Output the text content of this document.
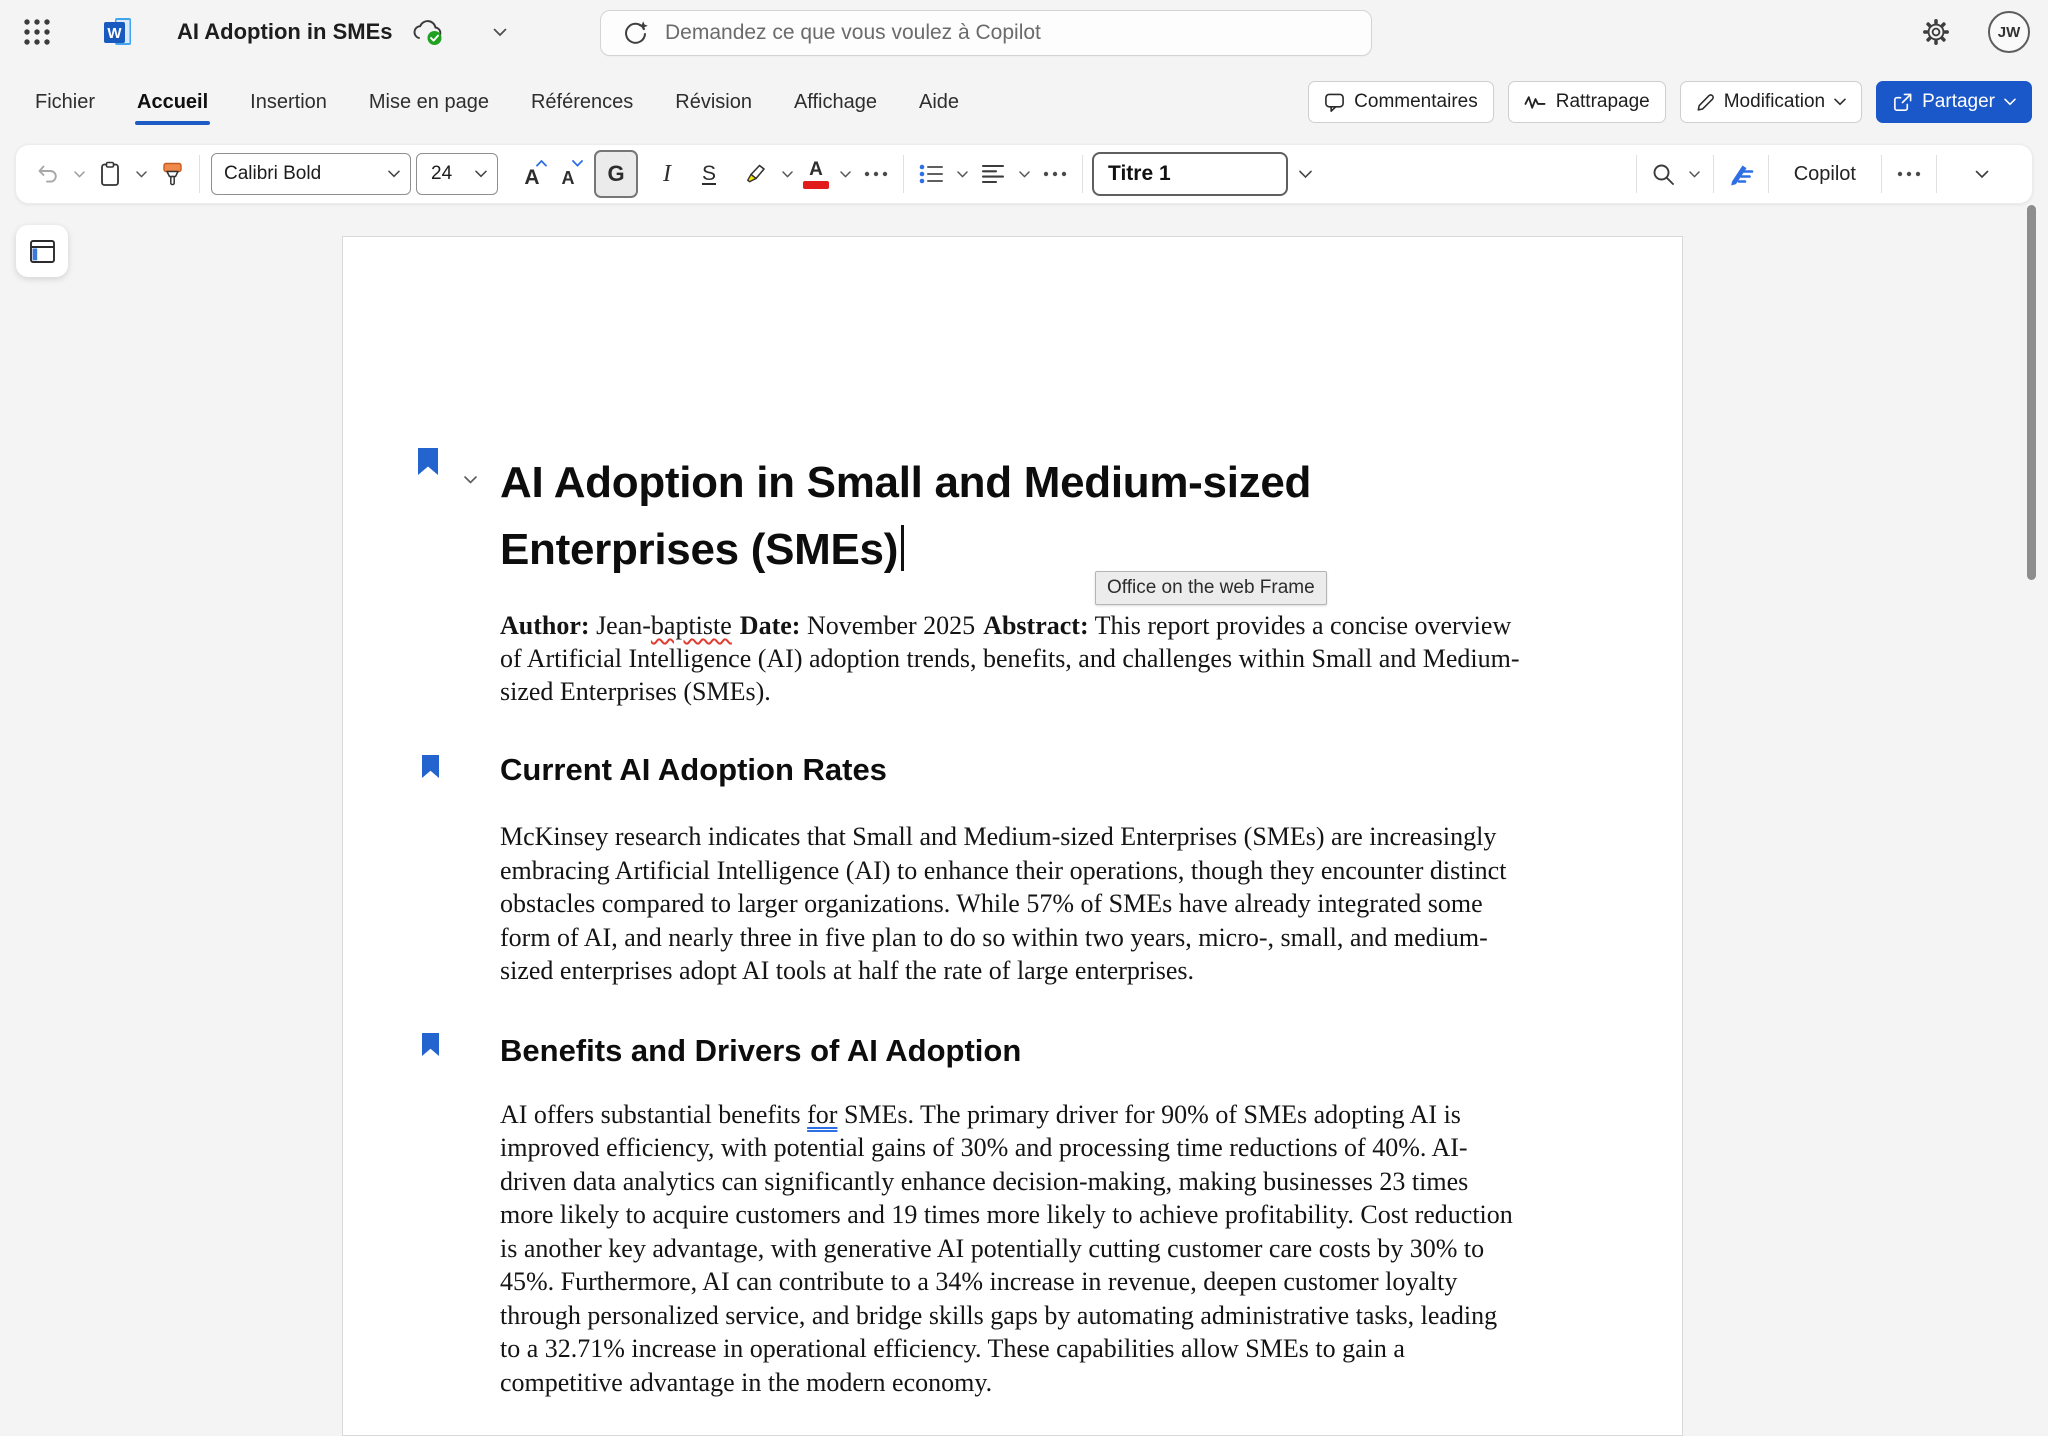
W	AI Adoption in SMEs
Demandez ce que vous voulez à Copilot	JW
Fichier	Accueil	Insertion	Mise en page	Références	Révision	Affichage	Aide	Commentaires	Rattrapage	Modification	Partager
Calibri Bold	24	A A G I S	A	Titre 1	Copilot
AI Adoption in Small and Medium-sized Enterprises (SMEs)

Author: Jean-baptiste Date: November 2025 Abstract: This report provides a concise overview of Artificial Intelligence (AI) adoption trends, benefits, and challenges within Small and Medium-sized Enterprises (SMEs).

Current AI Adoption Rates

McKinsey research indicates that Small and Medium-sized Enterprises (SMEs) are increasingly embracing Artificial Intelligence (AI) to enhance their operations, though they encounter distinct obstacles compared to larger organizations. While 57% of SMEs have already integrated some form of AI, and nearly three in five plan to do so within two years, micro-, small, and medium-sized enterprises adopt AI tools at half the rate of large enterprises.

Benefits and Drivers of AI Adoption

AI offers substantial benefits for SMEs. The primary driver for 90% of SMEs adopting AI is improved efficiency, with potential gains of 30% and processing time reductions of 40%. AI-driven data analytics can significantly enhance decision-making, making businesses 23 times more likely to acquire customers and 19 times more likely to achieve profitability. Cost reduction is another key advantage, with generative AI potentially cutting customer care costs by 30% to 45%. Furthermore, AI can contribute to a 34% increase in revenue, deepen customer loyalty through personalized service, and bridge skills gaps by automating administrative tasks, leading to a 32.71% increase in operational efficiency. These capabilities allow SMEs to gain a competitive advantage in the modern economy.

Office on the web Frame
